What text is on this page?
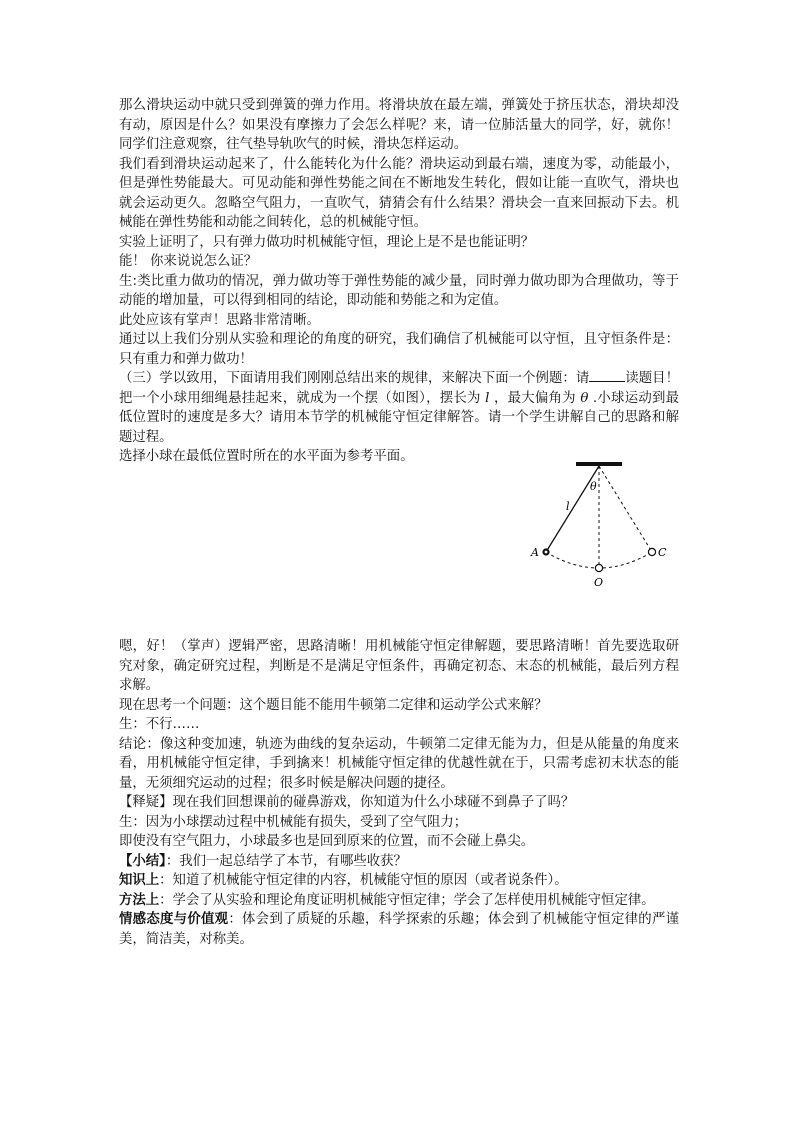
那么滑块运动中就只受到弹簧的弹力作用。将滑块放在最左端，弹簧处于挤压状态，滑块却没有动，原因是什么？如果没有摩擦力了会怎么样呢？来，请一位肺活量大的同学，好，就你！同学们注意观察，往气垫导轨吹气的时候，滑块怎样运动。

我们看到滑块运动起来了，什么能转化为什么能？滑块运动到最右端，速度为零，动能最小，但是弹性势能最大。可见动能和弹性势能之间在不断地发生转化，假如让能一直吹气，滑块也就会运动更久。忽略空气阻力，一直吹气，猜猜会有什么结果？滑块会一直来回振动下去。机械能在弹性势能和动能之间转化，总的机械能守恒。

实验上证明了，只有弹力做功时机械能守恒，理论上是不是也能证明？

能！ 你来说说怎么证？

生:类比重力做功的情况，弹力做功等于弹性势能的减少量，同时弹力做功即为合理做功，等于动能的增加量，可以得到相同的结论，即动能和势能之和为定值。

此处应该有掌声！思路非常清晰。

通过以上我们分别从实验和理论的角度的研究，我们确信了机械能可以守恒，且守恒条件是：只有重力和弹力做功！

（三）学以致用，下面请用我们刚刚总结出来的规律，来解决下面一个例题：请	读题目！把一个小球用细绳悬挂起来，就成为一个摆（如图），摆长为 l ，最大偏角为 θ .小球运动到最低位置时的速度是多大？请用本节学的机械能守恒定律解答。请一个学生讲解自己的思路和解题过程。

选择小球在最低位置时所在的水平面为参考平面。

θ
l
A	C
O

嗯，好！（掌声）逻辑严密，思路清晰！用机械能守恒定律解题，要思路清晰！首先要选取研究对象，确定研究过程，判断是不是满足守恒条件，再确定初态、末态的机械能，最后列方程求解。

现在思考一个问题：这个题目能不能用牛顿第二定律和运动学公式来解？

生：不行……

结论：像这种变加速，轨迹为曲线的复杂运动，牛顿第二定律无能为力，但是从能量的角度来看，用机械能守恒定律，手到擒来！机械能守恒定律的优越性就在于，只需考虑初末状态的能量，无须细究运动的过程；很多时候是解决问题的捷径。

【释疑】现在我们回想课前的碰鼻游戏，你知道为什么小球碰不到鼻子了吗？

生：因为小球摆动过程中机械能有损失，受到了空气阻力；

即使没有空气阻力，小球最多也是回到原来的位置，而不会碰上鼻尖。

【小结】：我们一起总结学了本节，有哪些收获？

知识上：知道了机械能守恒定律的内容，机械能守恒的原因（或者说条件）。

方法上：学会了从实验和理论角度证明机械能守恒定律；学会了怎样使用机械能守恒定律。

情感态度与价值观：体会到了质疑的乐趣，科学探索的乐趣；体会到了机械能守恒定律的严谨美，简洁美，对称美。
